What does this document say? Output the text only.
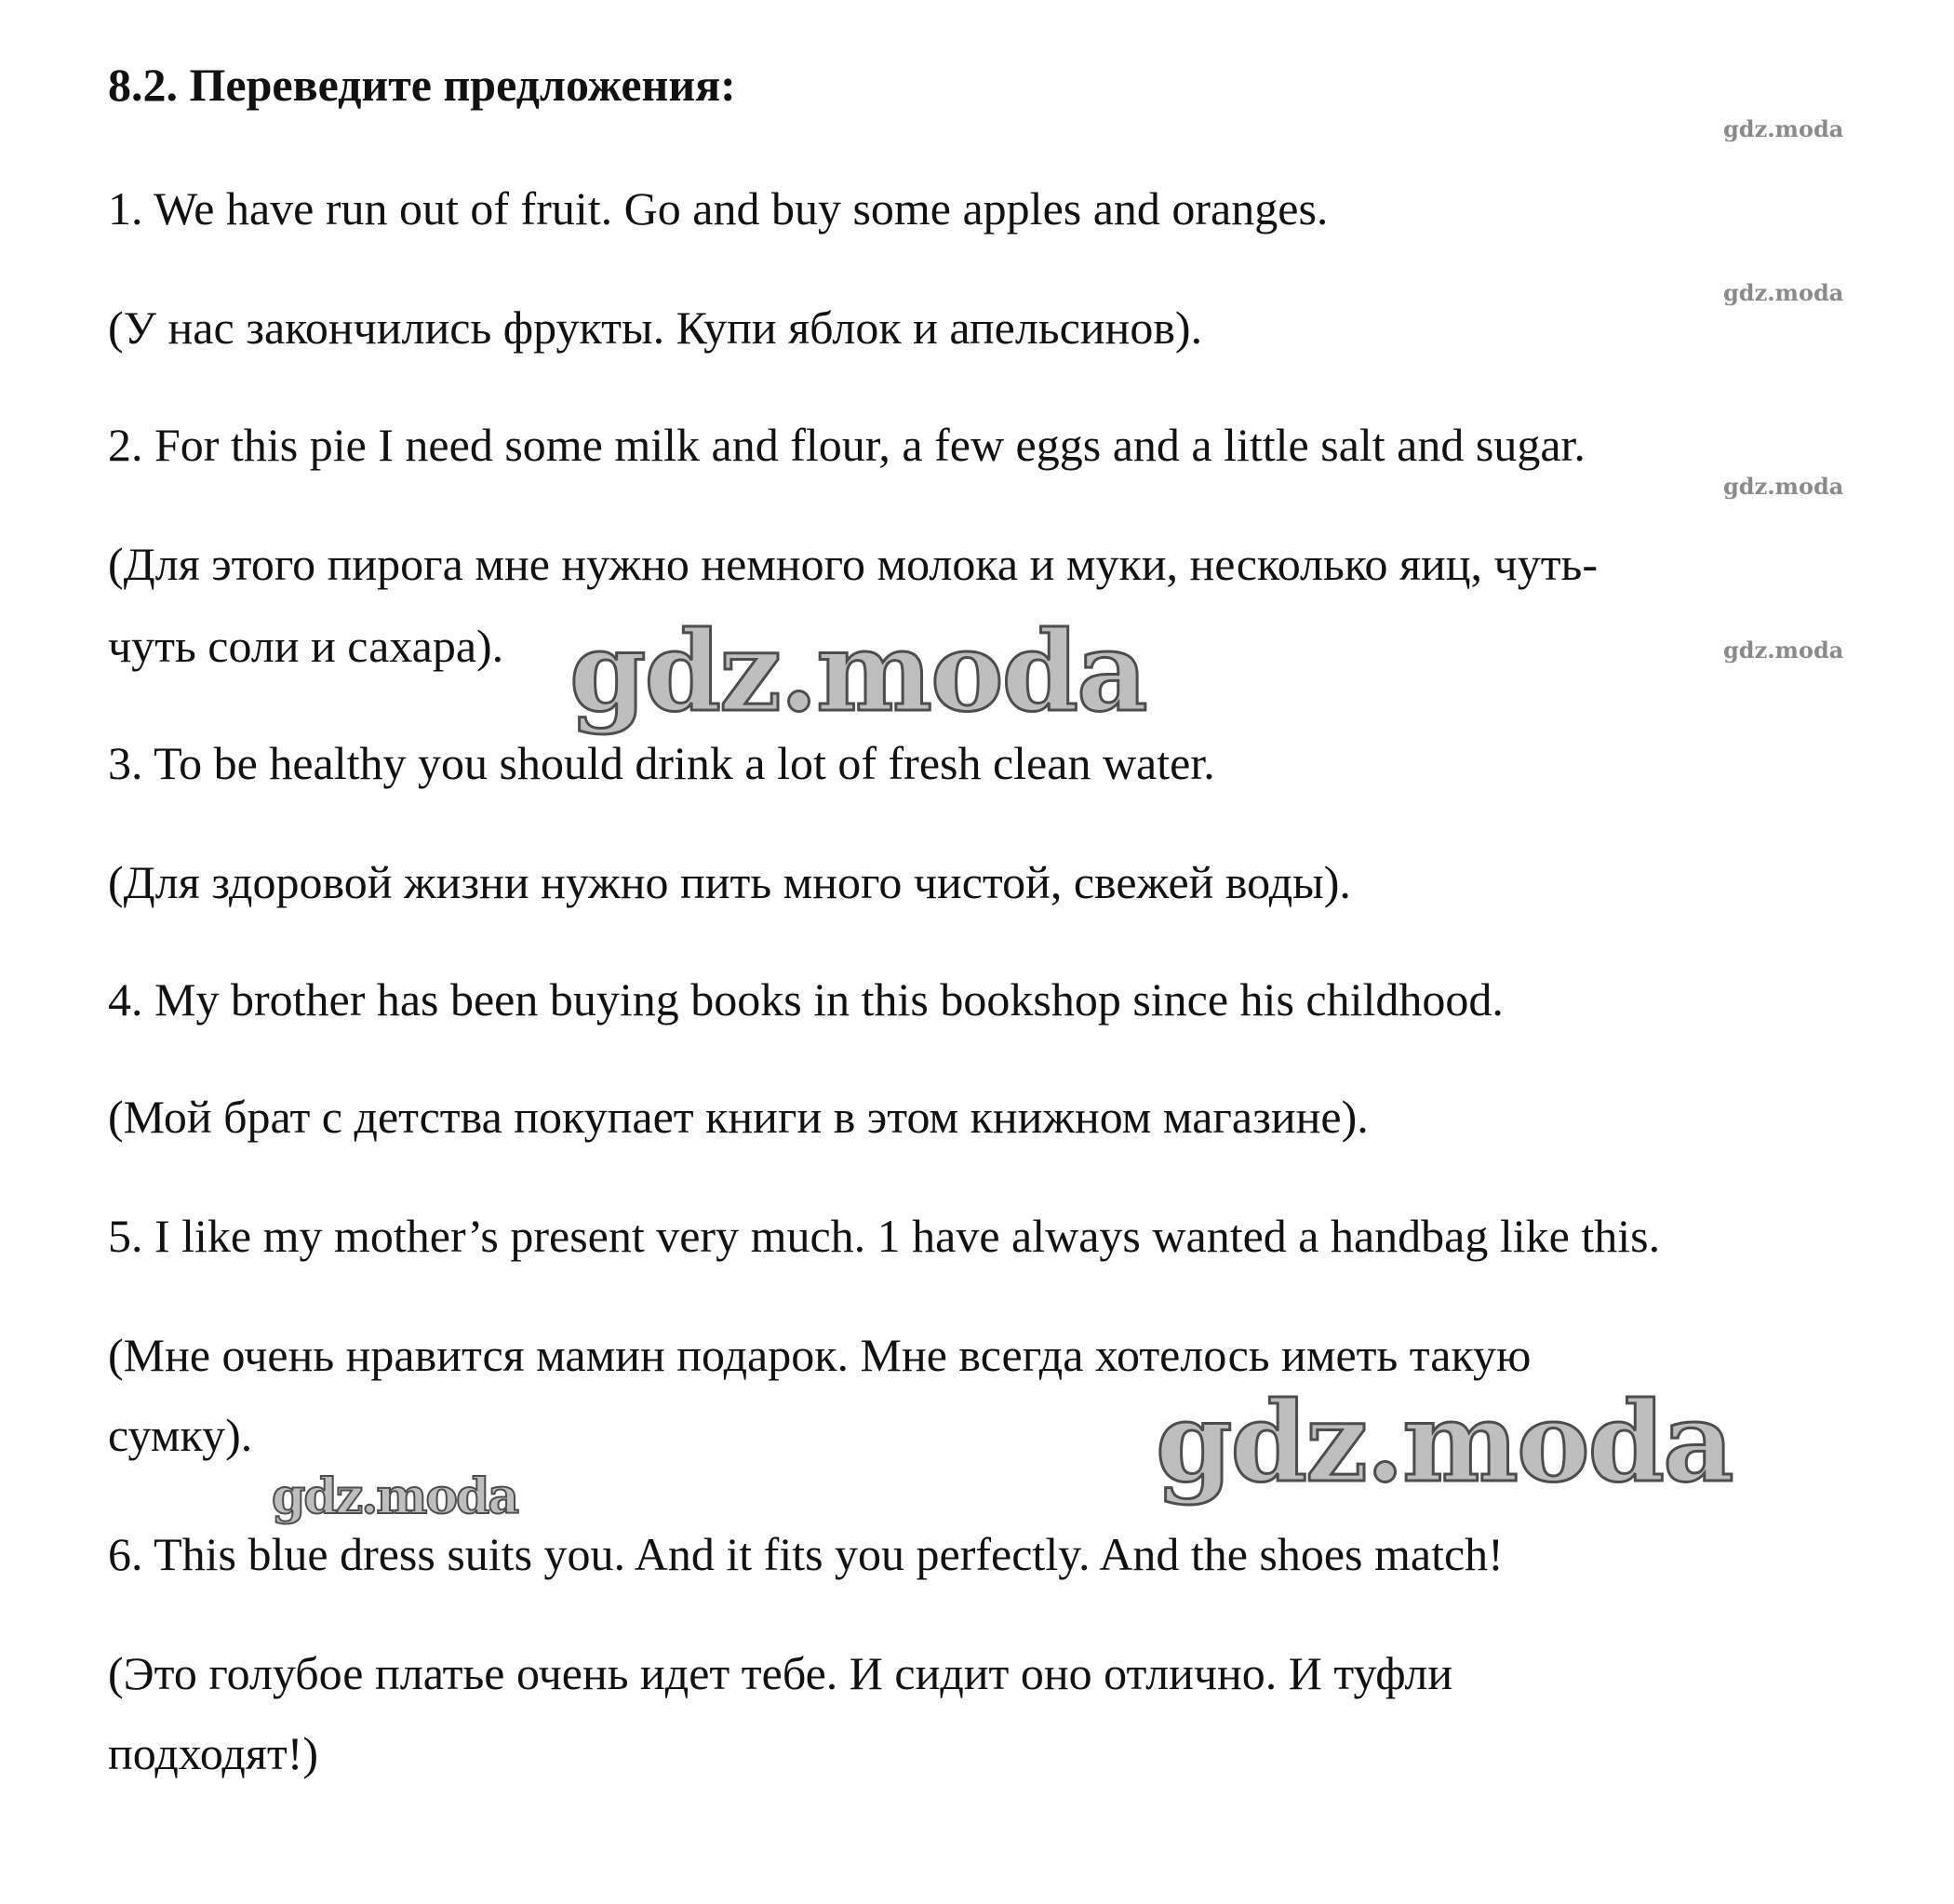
8.2. Переведите предложения:
1. We have run out of fruit. Go and buy some apples and oranges.
(У нас закончились фрукты. Купи яблок и апельсинов).
2. For this pie I need some milk and flour, a few eggs and a little salt and sugar.
(Для этого пирога мне нужно немного молока и муки, несколько яиц, чуть-
чуть соли и сахара).
3. To be healthy you should drink a lot of fresh clean water.
(Для здоровой жизни нужно пить много чистой, свежей воды).
4. My brother has been buying books in this bookshop since his childhood.
(Мой брат с детства покупает книги в этом книжном магазине).
5. I like my mother’s present very much. 1 have always wanted a handbag like this.
(Мне очень нравится мамин подарок. Мне всегда хотелось иметь такую
сумку).
6. This blue dress suits you. And it fits you perfectly. And the shoes match!
(Это голубое платье очень идет тебе. И сидит оно отлично. И туфли
подходят!)
gdz.moda
gdz.moda
gdz.moda
gdz.moda
gdz.moda
gdz.moda
gdz.moda
